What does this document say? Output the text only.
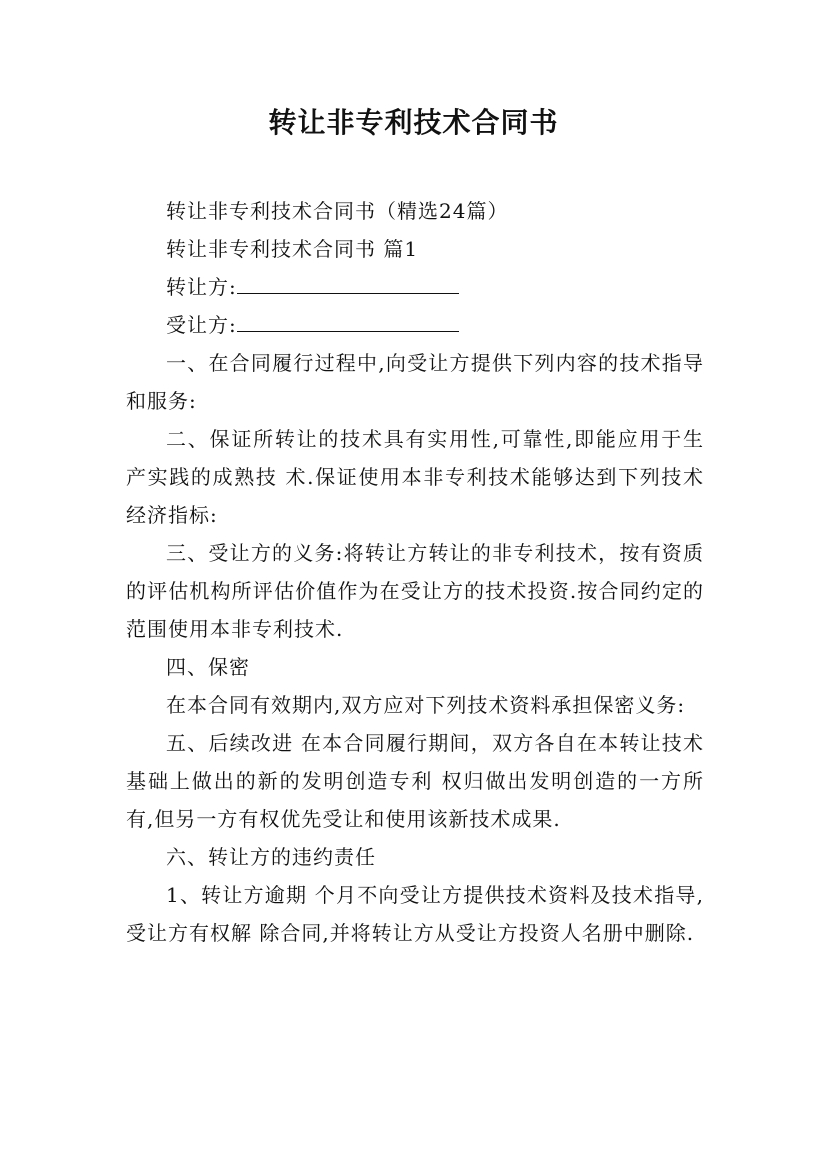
转让非专利技术合同书

转让非专利技术合同书（精选24篇）

转让非专利技术合同书 篇1

转让方:

受让方:

一、在合同履行过程中,向受让方提供下列内容的技术指导和服务:

二、保证所转让的技术具有实用性,可靠性,即能应用于生产实践的成熟技 术.保证使用本非专利技术能够达到下列技术经济指标:

三、受让方的义务:将转让方转让的非专利技术，按有资质的评估机构所评估价值作为在受让方的技术投资.按合同约定的范围使用本非专利技术.

四、保密

在本合同有效期内,双方应对下列技术资料承担保密义务:

五、后续改进 在本合同履行期间，双方各自在本转让技术基础上做出的新的发明创造专利 权归做出发明创造的一方所有,但另一方有权优先受让和使用该新技术成果.

六、转让方的违约责任

1、转让方逾期 个月不向受让方提供技术资料及技术指导,受让方有权解 除合同,并将转让方从受让方投资人名册中删除.
